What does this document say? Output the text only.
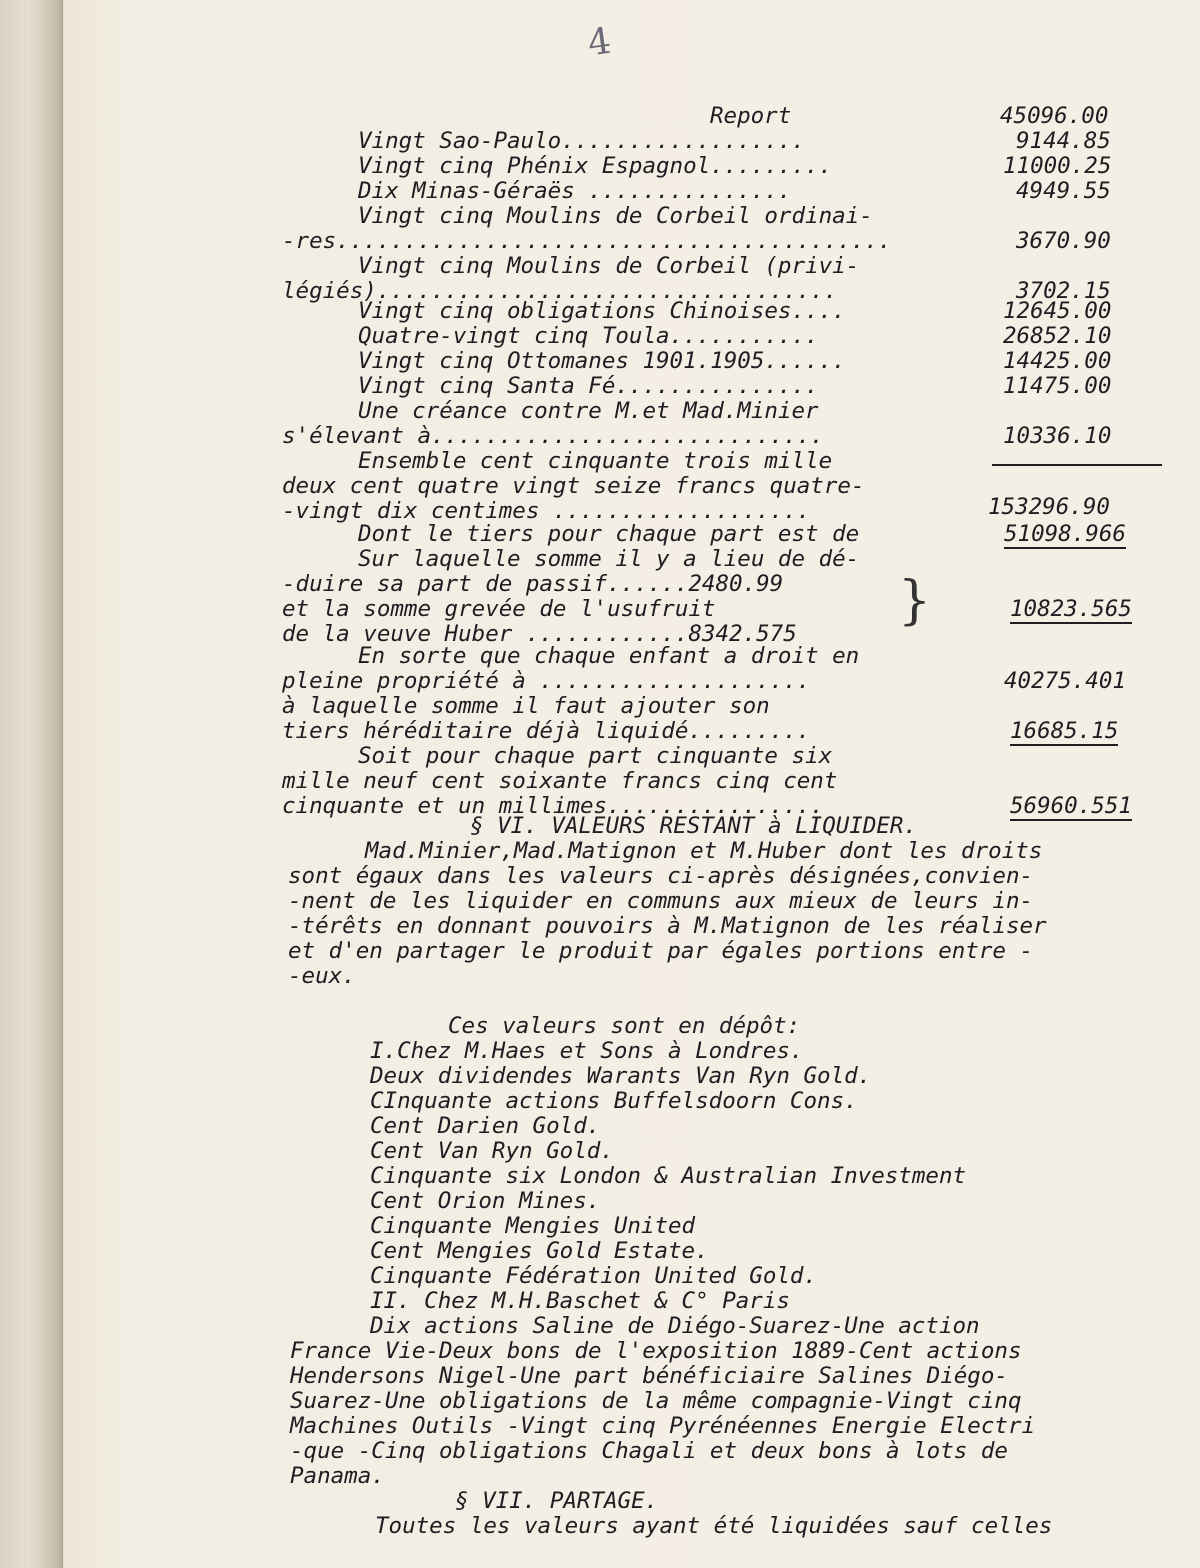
4
Report
Vingt Sao-Paulo..................
Vingt cinq Phénix Espagnol.........
Dix Minas-Géraës ...............
Vingt cinq Moulins de Corbeil ordinai-
-res.........................................
Vingt cinq Moulins de Corbeil (privi-
légiés)..................................
Vingt cinq obligations Chinoises....
Quatre-vingt cinq Toula...........
Vingt cinq Ottomanes 1901.1905......
Vingt cinq Santa Fé...............
Une créance contre M.et Mad.Minier
s'élevant à.............................
Ensemble cent cinquante trois mille
deux cent quatre vingt seize francs quatre-
-vingt dix centimes ...................
Dont le tiers pour chaque part est de
Sur laquelle somme il y a lieu de dé-
-duire sa part de passif......2480.99
et la somme grevée de l'usufruit
de la veuve Huber ............8342.575
}
En sorte que chaque enfant a droit en
pleine propriété à ....................
à laquelle somme il faut ajouter son
tiers héréditaire déjà liquidé.........
Soit pour chaque part cinquante six
mille neuf cent soixante francs cinq cent
cinquante et un millimes................
§ VI. VALEURS RESTANT à LIQUIDER.
Mad.Minier,Mad.Matignon et M.Huber dont les droits
sont égaux dans les valeurs ci-après désignées,convien-
-nent de les liquider en communs aux mieux de leurs in-
-térêts en donnant pouvoirs à M.Matignon de les réaliser
et d'en partager le produit par égales portions entre -
-eux.
Ces valeurs sont en dépôt:
I.Chez M.Haes et Sons à Londres.
Deux dividendes Warants Van Ryn Gold.
CInquante actions Buffelsdoorn Cons.
Cent Darien Gold.
Cent Van Ryn Gold.
Cinquante six London & Australian Investment
Cent Orion Mines.
Cinquante Mengies United
Cent Mengies Gold Estate.
Cinquante Fédération United Gold.
II. Chez M.H.Baschet & C° Paris
Dix actions Saline de Diégo-Suarez-Une action
France Vie-Deux bons de l'exposition 1889-Cent actions
Hendersons Nigel-Une part bénéficiaire Salines Diégo-
Suarez-Une obligations de la même compagnie-Vingt cinq
Machines Outils -Vingt cinq Pyrénéennes Energie Electri
-que -Cinq obligations Chagali et deux bons à lots de
Panama.
§ VII. PARTAGE.
Toutes les valeurs ayant été liquidées sauf celles
45096.00
9144.85
11000.25
4949.55
3670.90
3702.15
12645.00
26852.10
14425.00
11475.00
10336.10
153296.90
51098.966
10823.565
40275.401
16685.15
56960.551
